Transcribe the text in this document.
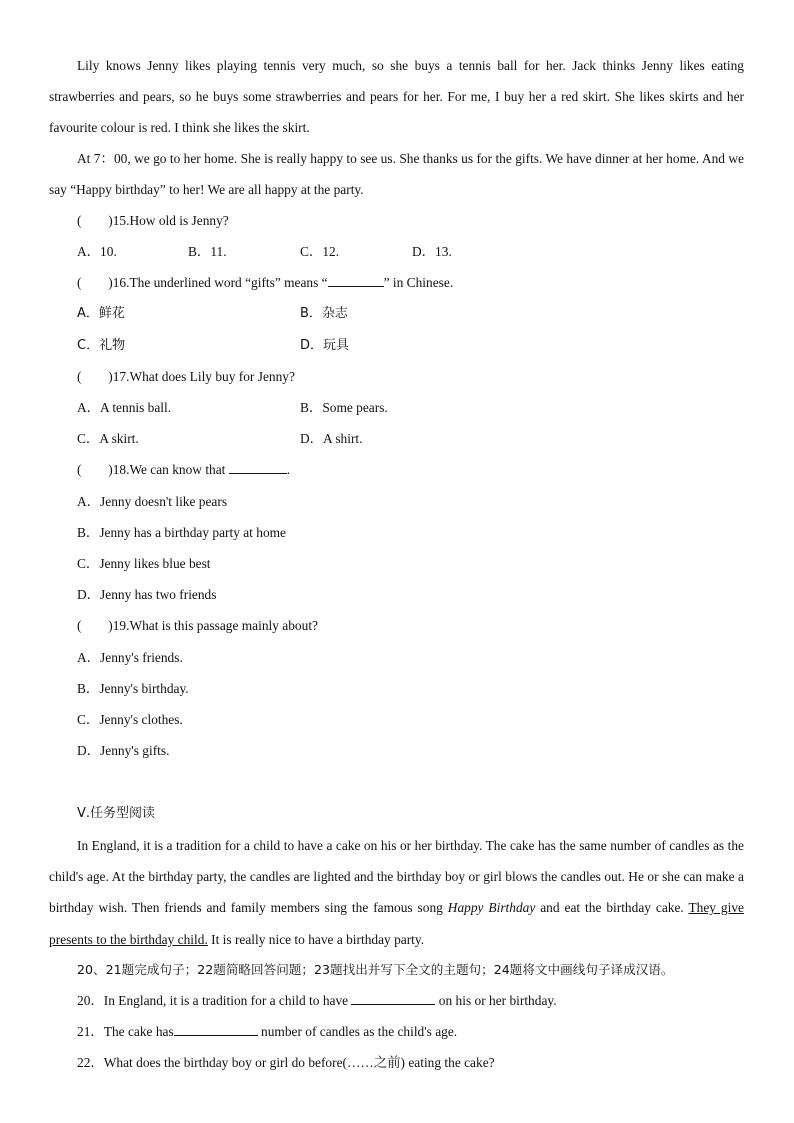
Lily knows Jenny likes playing tennis very much, so she buys a tennis ball for her. Jack thinks Jenny likes eating strawberries and pears, so he buys some strawberries and pears for her. For me, I buy her a red skirt. She likes skirts and her favourite colour is red. I think she likes the skirt.

At 7：00, we go to her home. She is really happy to see us. She thanks us for the gifts. We have dinner at her home. And we say “Happy birthday” to her! We are all happy at the party.

(　　)15.How old is Jenny?
A．10.	B．11.	C．12.	D．13.
(　　)16.The underlined word “gifts” means “	” in Chinese.
A．鲜花	B．杂志
C．礼物	D．玩具
(　　)17.What does Lily buy for Jenny?
A．A tennis ball.	B．Some pears.
C．A skirt.	D．A shirt.
(　　)18.We can know that	.
A．Jenny doesn't like pears
B．Jenny has a birthday party at home
C．Jenny likes blue best
D．Jenny has two friends
(　　)19.What is this passage mainly about?
A．Jenny's friends.
B．Jenny's birthday.
C．Jenny's clothes.
D．Jenny's gifts.
Ⅴ.任务型阅读

In England, it is a tradition for a child to have a cake on his or her birthday. The cake has the same number of candles as the child's age. At the birthday party, the candles are lighted and the birthday boy or girl blows the candles out. He or she can make a birthday wish. Then friends and family members sing the famous song Happy Birthday and eat the birthday cake. They give presents to the birthday child. It is really nice to have a birthday party.

20、21题完成句子；22题简略回答问题；23题找出并写下全文的主题句；24题将文中画线句子译成汉语。
20．In England, it is a tradition for a child to have	on his or her birthday.
21．The cake has	number of candles as the child's age.
22．What does the birthday boy or girl do before(……之前) eating the cake?
